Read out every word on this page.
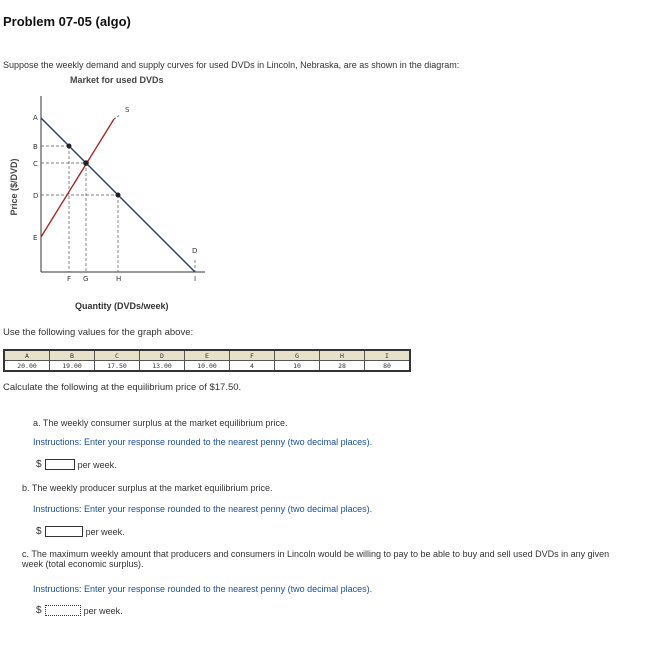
Problem 07-05 (algo)
Suppose the weekly demand and supply curves for used DVDs in Lincoln, Nebraska, are as shown in the diagram:
Market for used DVDs
Price ($/DVD)
A
B
C
D
E
F G	H	I
S
D
Quantity (DVDs/week)
Use the following values for the graph above:
A	B	C	D	E	F	G	H	I
20.00	19.00	17.50	13.00	10.00	4	10	28	80
Calculate the following at the equilibrium price of $17.50.
a. The weekly consumer surplus at the market equilibrium price.
Instructions: Enter your response rounded to the nearest penny (two decimal places).
$	per week.
b. The weekly producer surplus at the market equilibrium price.
Instructions: Enter your response rounded to the nearest penny (two decimal places).
$	per week.
c. The maximum weekly amount that producers and consumers in Lincoln would be willing to pay to be able to buy and sell used DVDs in any given week (total economic surplus).
Instructions: Enter your response rounded to the nearest penny (two decimal places).
$	per week.
